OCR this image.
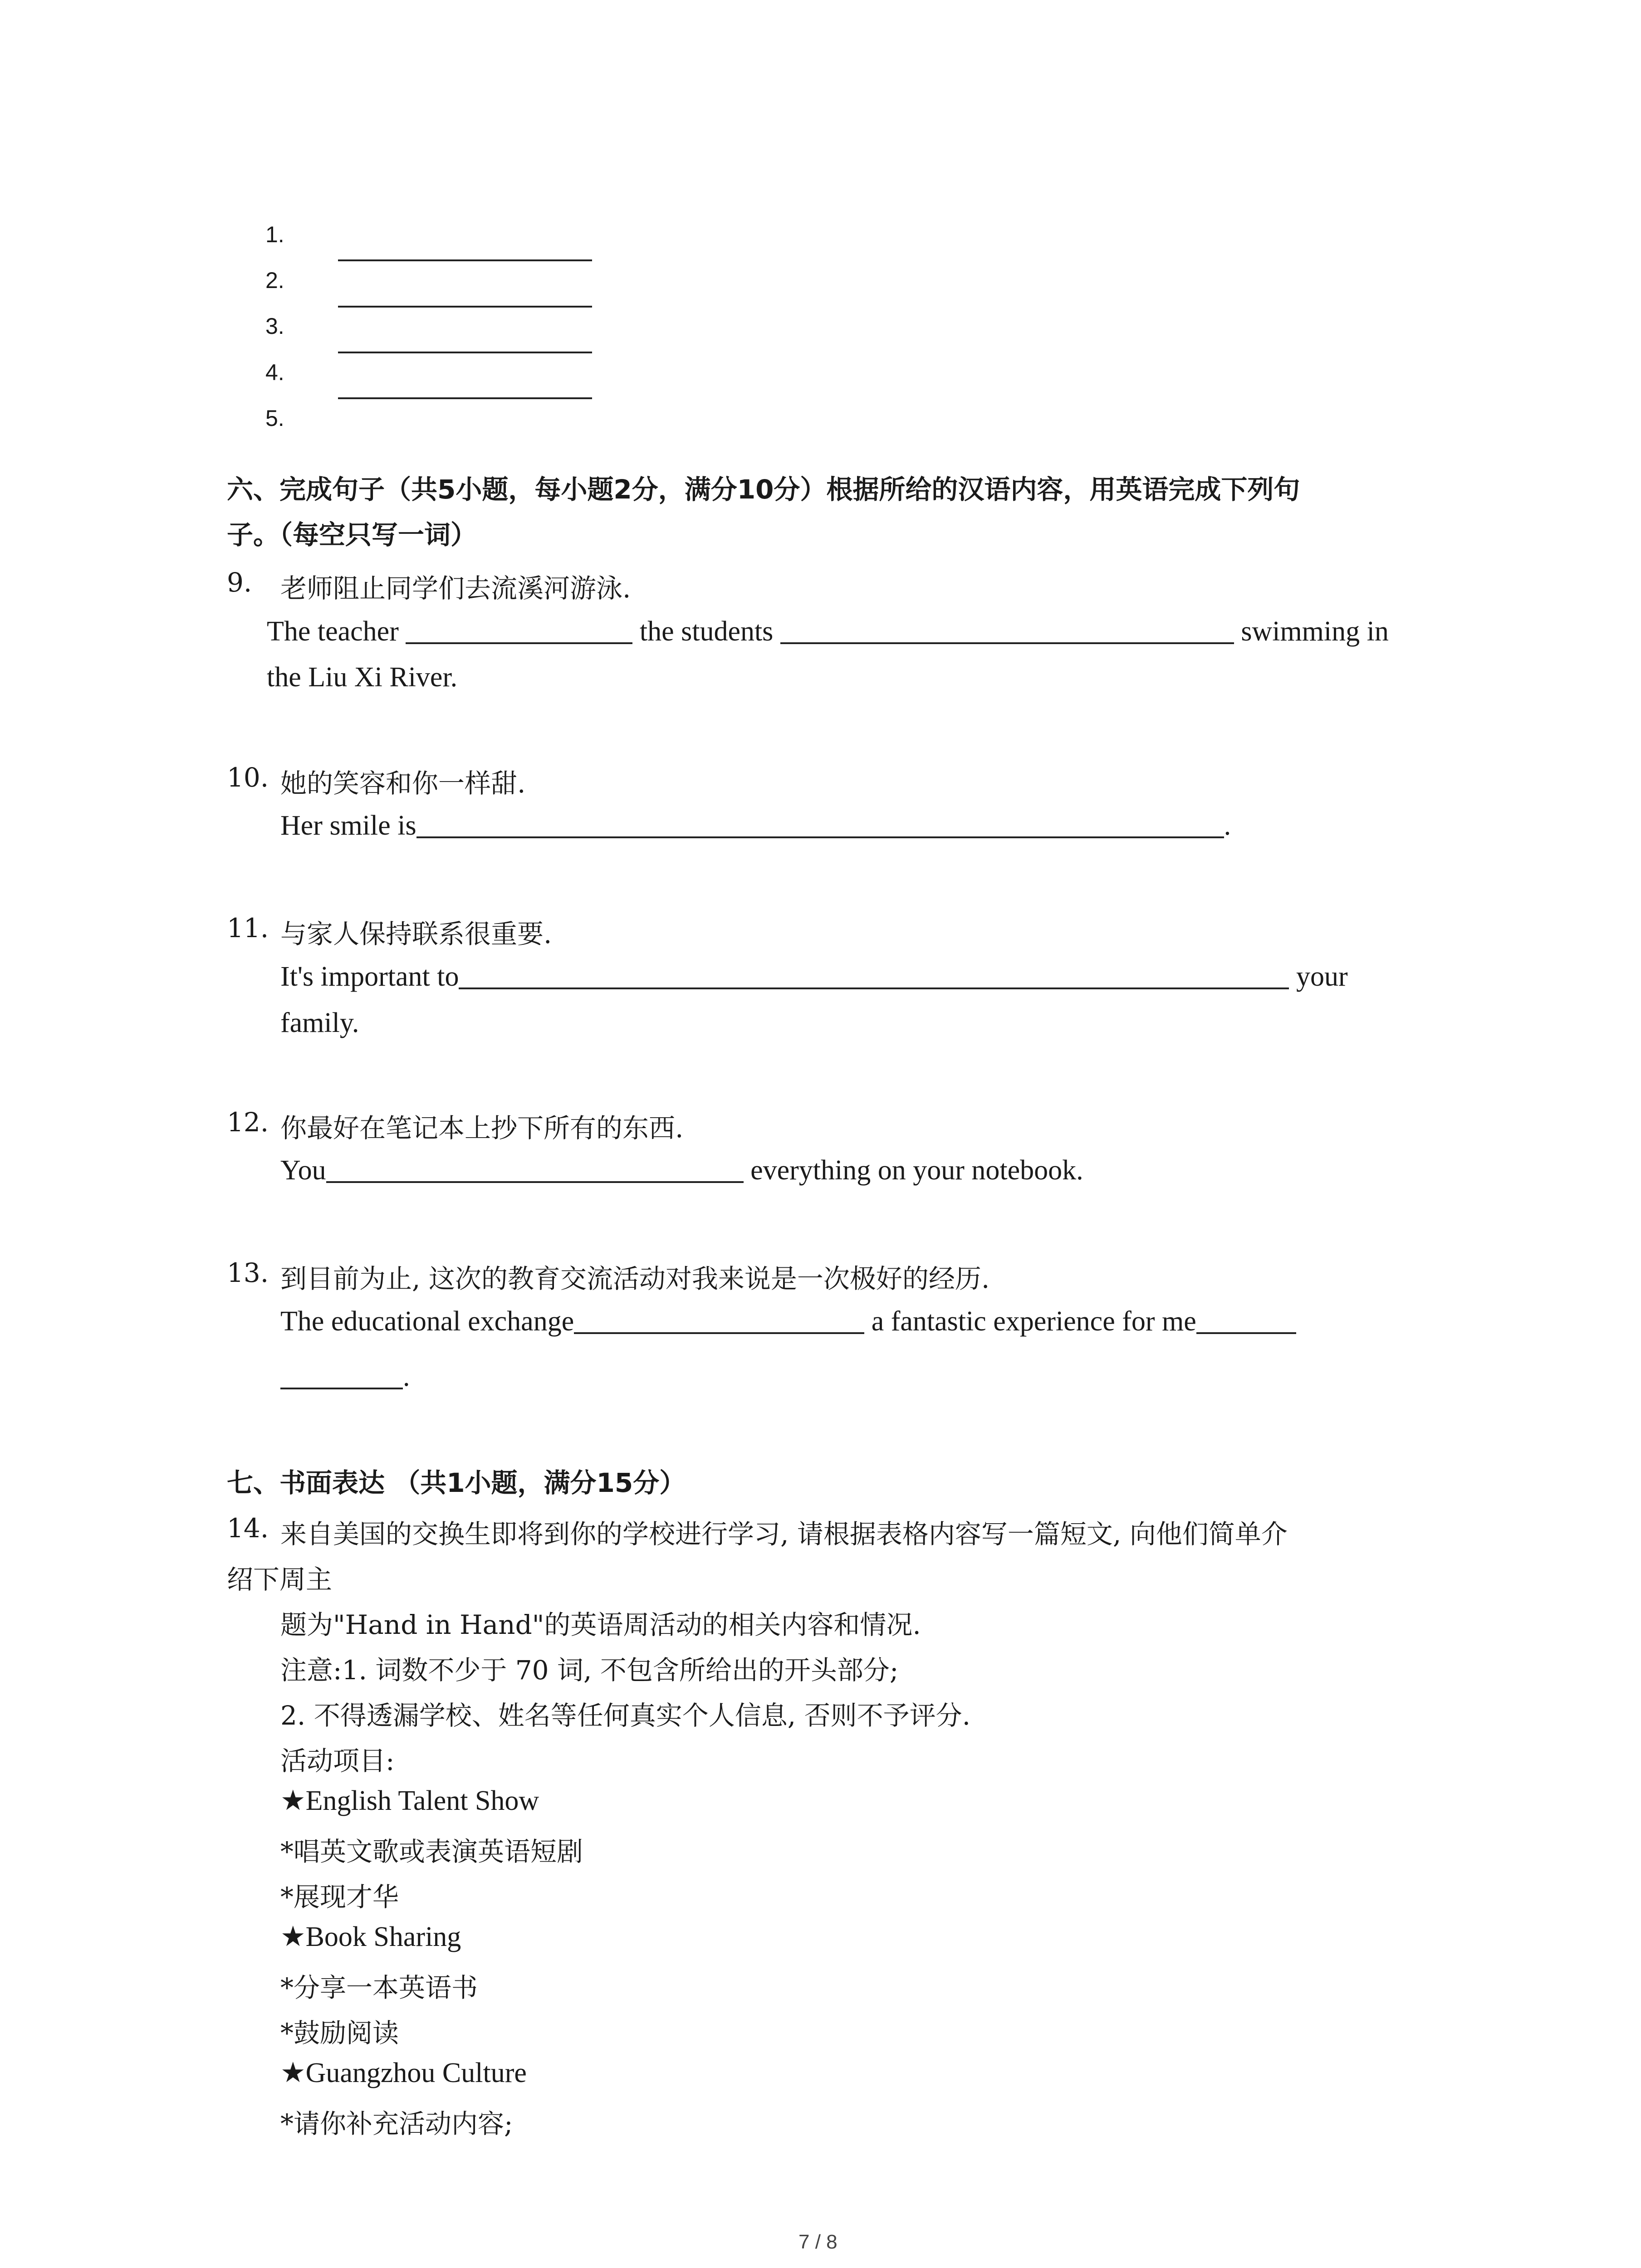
1.
2.
3.
4.
5.
六、完成句子（共5小题，每小题2分，满分10分）根据所给的汉语内容，用英语完成下列句
子。（每空只写一词）
9. 老师阻止同学们去流溪河游泳.
The teacher	the students	swimming in
the Liu Xi River.
10. 她的笑容和你一样甜.
Her smile is	.
11. 与家人保持联系很重要.
It's important to	your
family.
12. 你最好在笔记本上抄下所有的东西.
You	everything on your notebook.
13. 到目前为止, 这次的教育交流活动对我来说是一次极好的经历.
The educational exchange	a fantastic experience for me
.
七、书面表达 （共1小题，满分15分）
14. 来自美国的交换生即将到你的学校进行学习, 请根据表格内容写一篇短文, 向他们简单介
绍下周主
题为"Hand in Hand"的英语周活动的相关内容和情况.
注意:1. 词数不少于 70 词, 不包含所给出的开头部分;
2. 不得透漏学校、姓名等任何真实个人信息, 否则不予评分.
活动项目:
★English Talent Show
*唱英文歌或表演英语短剧
*展现才华
★Book Sharing
*分享一本英语书
*鼓励阅读
★Guangzhou Culture
*请你补充活动内容;
7 / 8
